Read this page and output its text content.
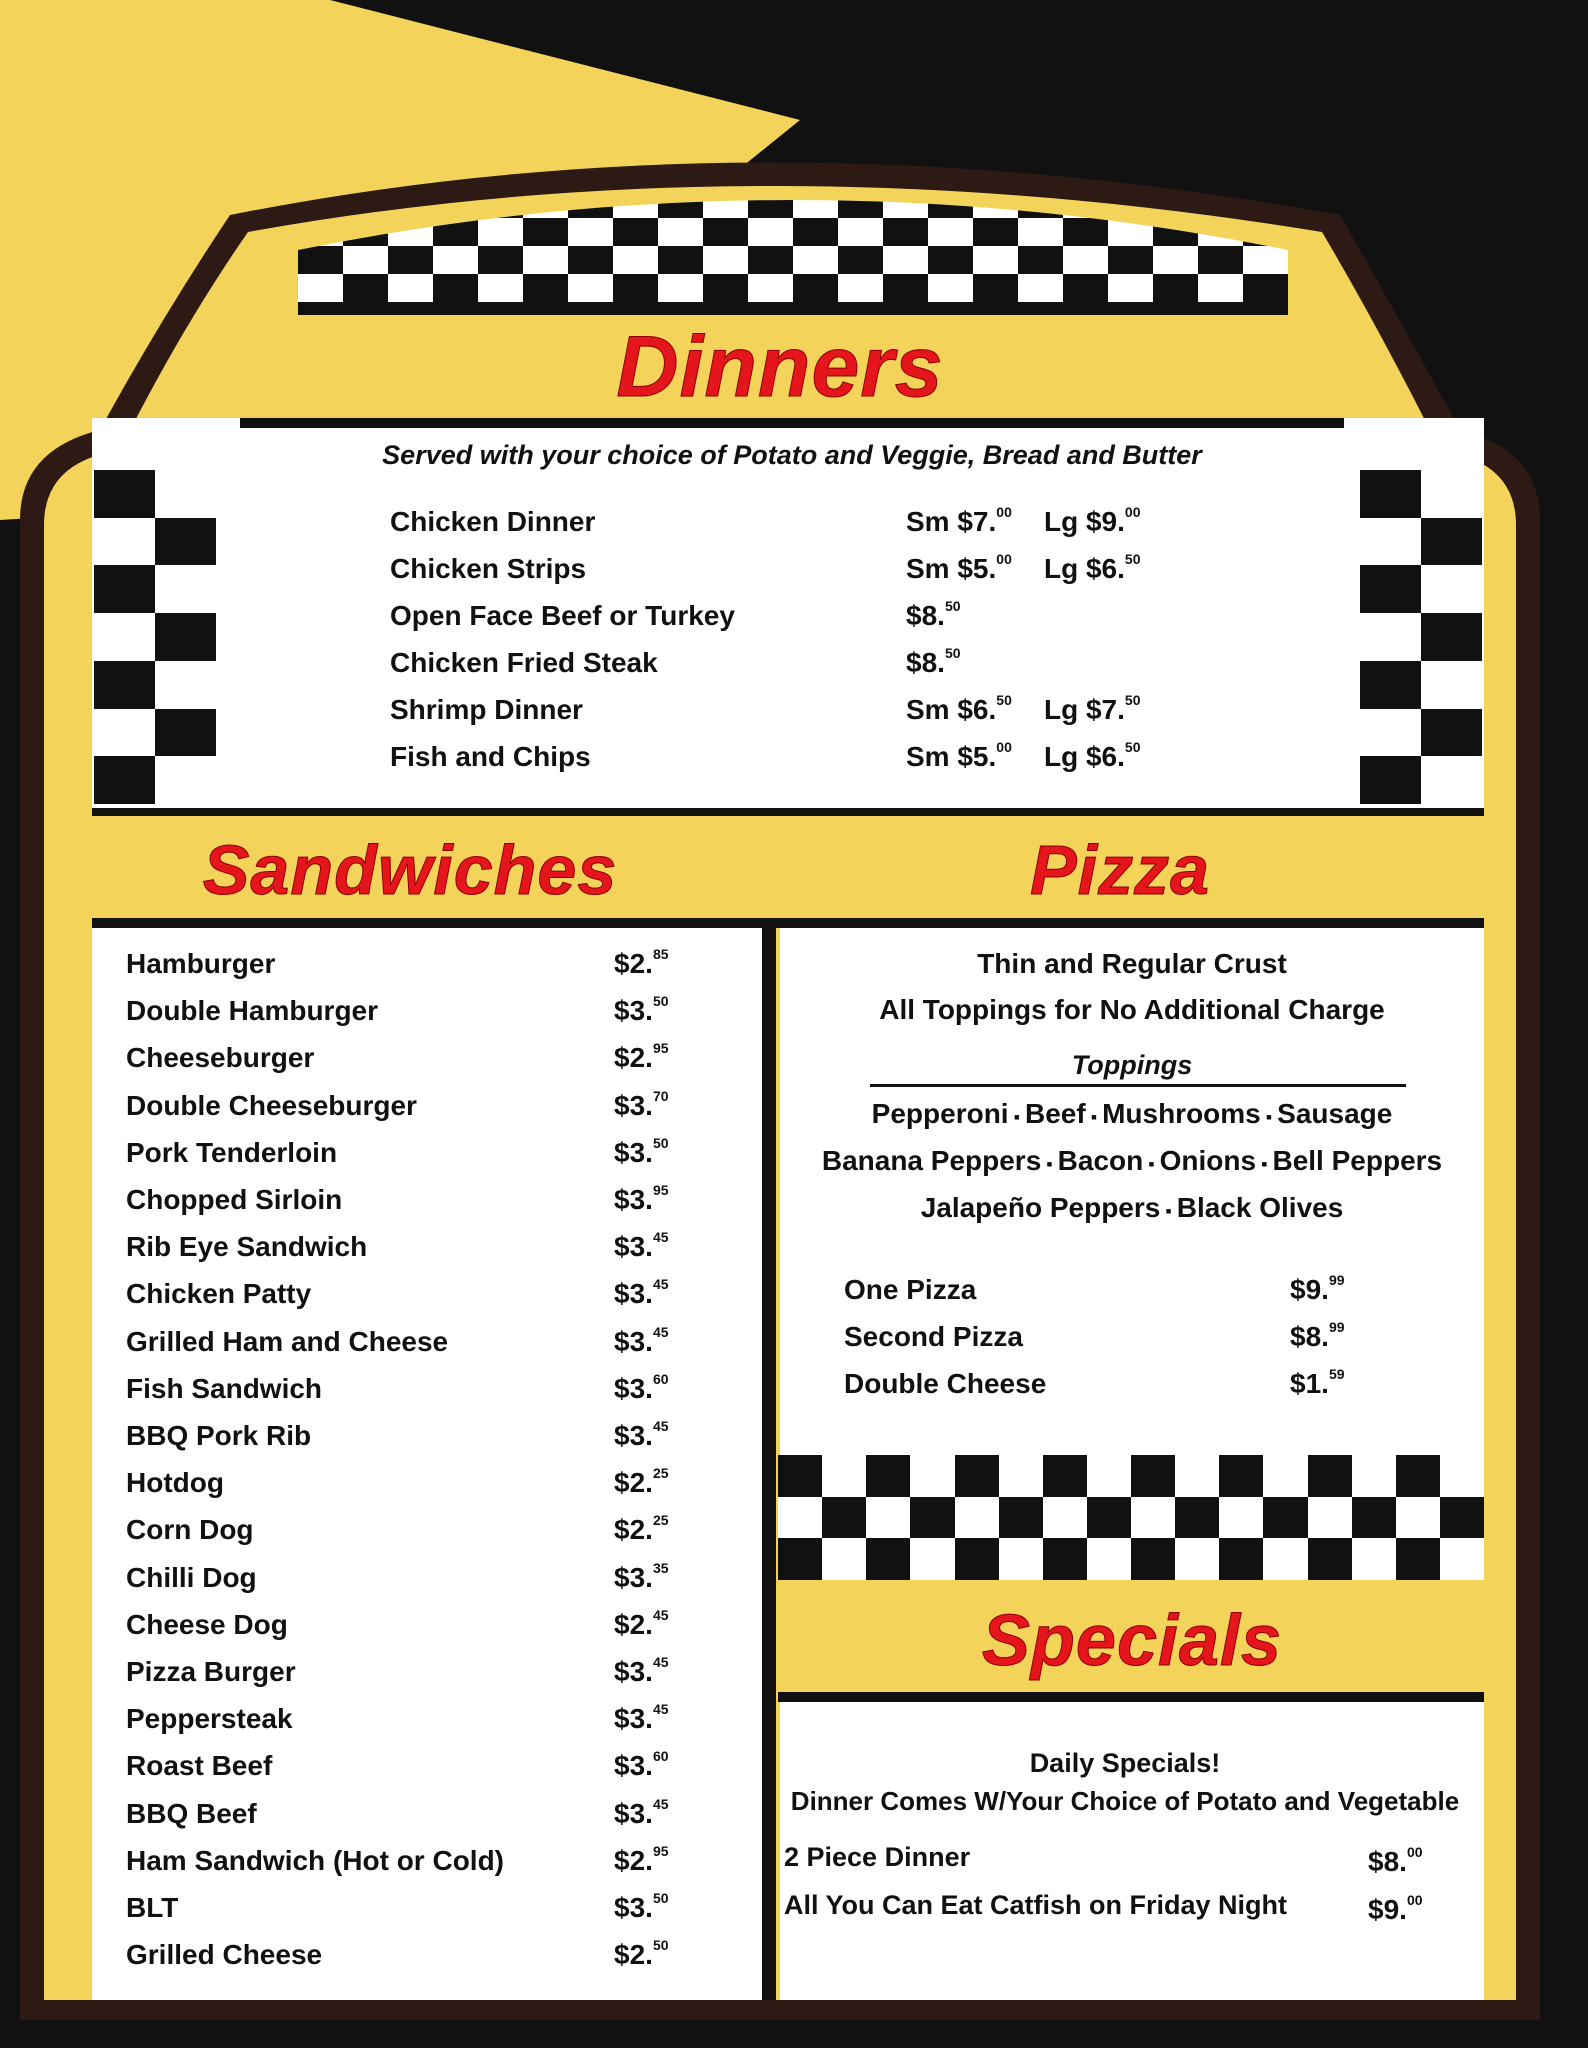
Dinners
Served with your choice of Potato and Veggie, Bread and Butter
Chicken Dinner	Sm $7.00 Lg $9.00
Chicken Strips	Sm $5.00 Lg $6.50
Open Face Beef or Turkey	$8.50
Chicken Fried Steak	$8.50
Shrimp Dinner	Sm $6.50 Lg $7.50
Fish and Chips	Sm $5.00 Lg $6.50
Sandwiches	Pizza
Hamburger	$2.85
Double Hamburger	$3.50
Cheeseburger	$2.95
Double Cheeseburger	$3.70
Pork Tenderloin	$3.50
Chopped Sirloin	$3.95
Rib Eye Sandwich	$3.45
Chicken Patty	$3.45
Grilled Ham and Cheese	$3.45
Fish Sandwich	$3.60
BBQ Pork Rib	$3.45
Hotdog	$2.25
Corn Dog	$2.25
Chilli Dog	$3.35
Cheese Dog	$2.45
Pizza Burger	$3.45
Peppersteak	$3.45
Roast Beef	$3.60
BBQ Beef	$3.45
Ham Sandwich (Hot or Cold)	$2.95
BLT	$3.50
Grilled Cheese	$2.50
Thin and Regular Crust
All Toppings for No Additional Charge
Toppings
Pepperoni ▪ Beef ▪ Mushrooms ▪ Sausage
Banana Peppers ▪ Bacon ▪ Onions ▪ Bell Peppers
Jalapeño Peppers ▪ Black Olives
One Pizza	$9.99
Second Pizza	$8.99
Double Cheese	$1.59
Specials
Daily Specials!
Dinner Comes W/Your Choice of Potato and Vegetable
2 Piece Dinner	$8.00
All You Can Eat Catfish on Friday Night	$9.00
